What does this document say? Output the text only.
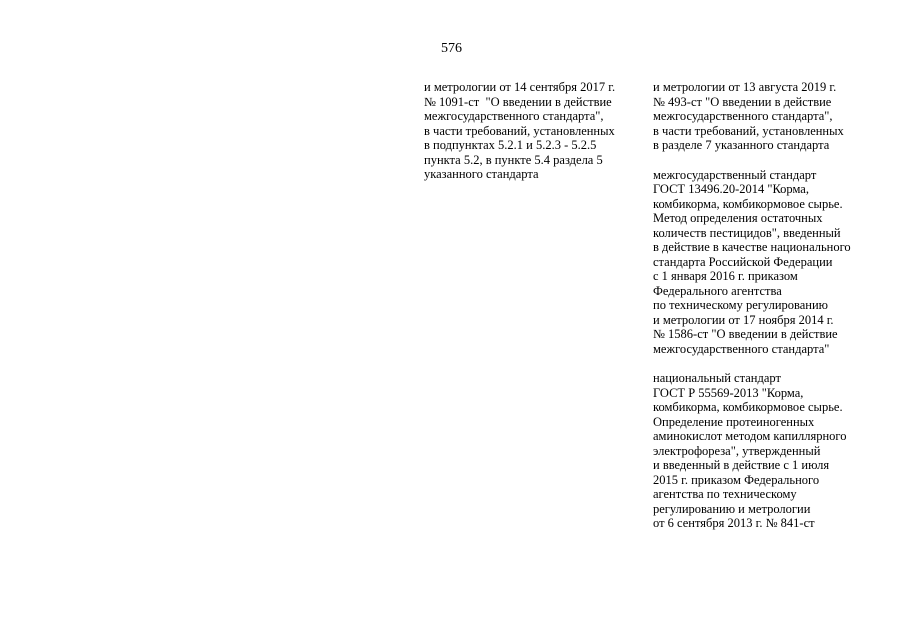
576
и метрологии от 14 сентября 2017 г.
№ 1091-ст  "О введении в действие
межгосударственного стандарта",
в части требований, установленных
в подпунктах 5.2.1 и 5.2.3 - 5.2.5
пункта 5.2, в пункте 5.4 раздела 5
указанного стандарта
и метрологии от 13 августа 2019 г.
№ 493-ст "О введении в действие
межгосударственного стандарта",
в части требований, установленных
в разделе 7 указанного стандарта
межгосударственный стандарт
ГОСТ 13496.20-2014 "Корма,
комбикорма, комбикормовое сырье.
Метод определения остаточных
количеств пестицидов", введенный
в действие в качестве национального
стандарта Российской Федерации
с 1 января 2016 г. приказом
Федерального агентства
по техническому регулированию
и метрологии от 17 ноября 2014 г.
№ 1586-ст "О введении в действие
межгосударственного стандарта"
национальный стандарт
ГОСТ Р 55569-2013 "Корма,
комбикорма, комбикормовое сырье.
Определение протеиногенных
аминокислот методом капиллярного
электрофореза", утвержденный
и введенный в действие с 1 июля
2015 г. приказом Федерального
агентства по техническому
регулированию и метрологии
от 6 сентября 2013 г. № 841-ст
